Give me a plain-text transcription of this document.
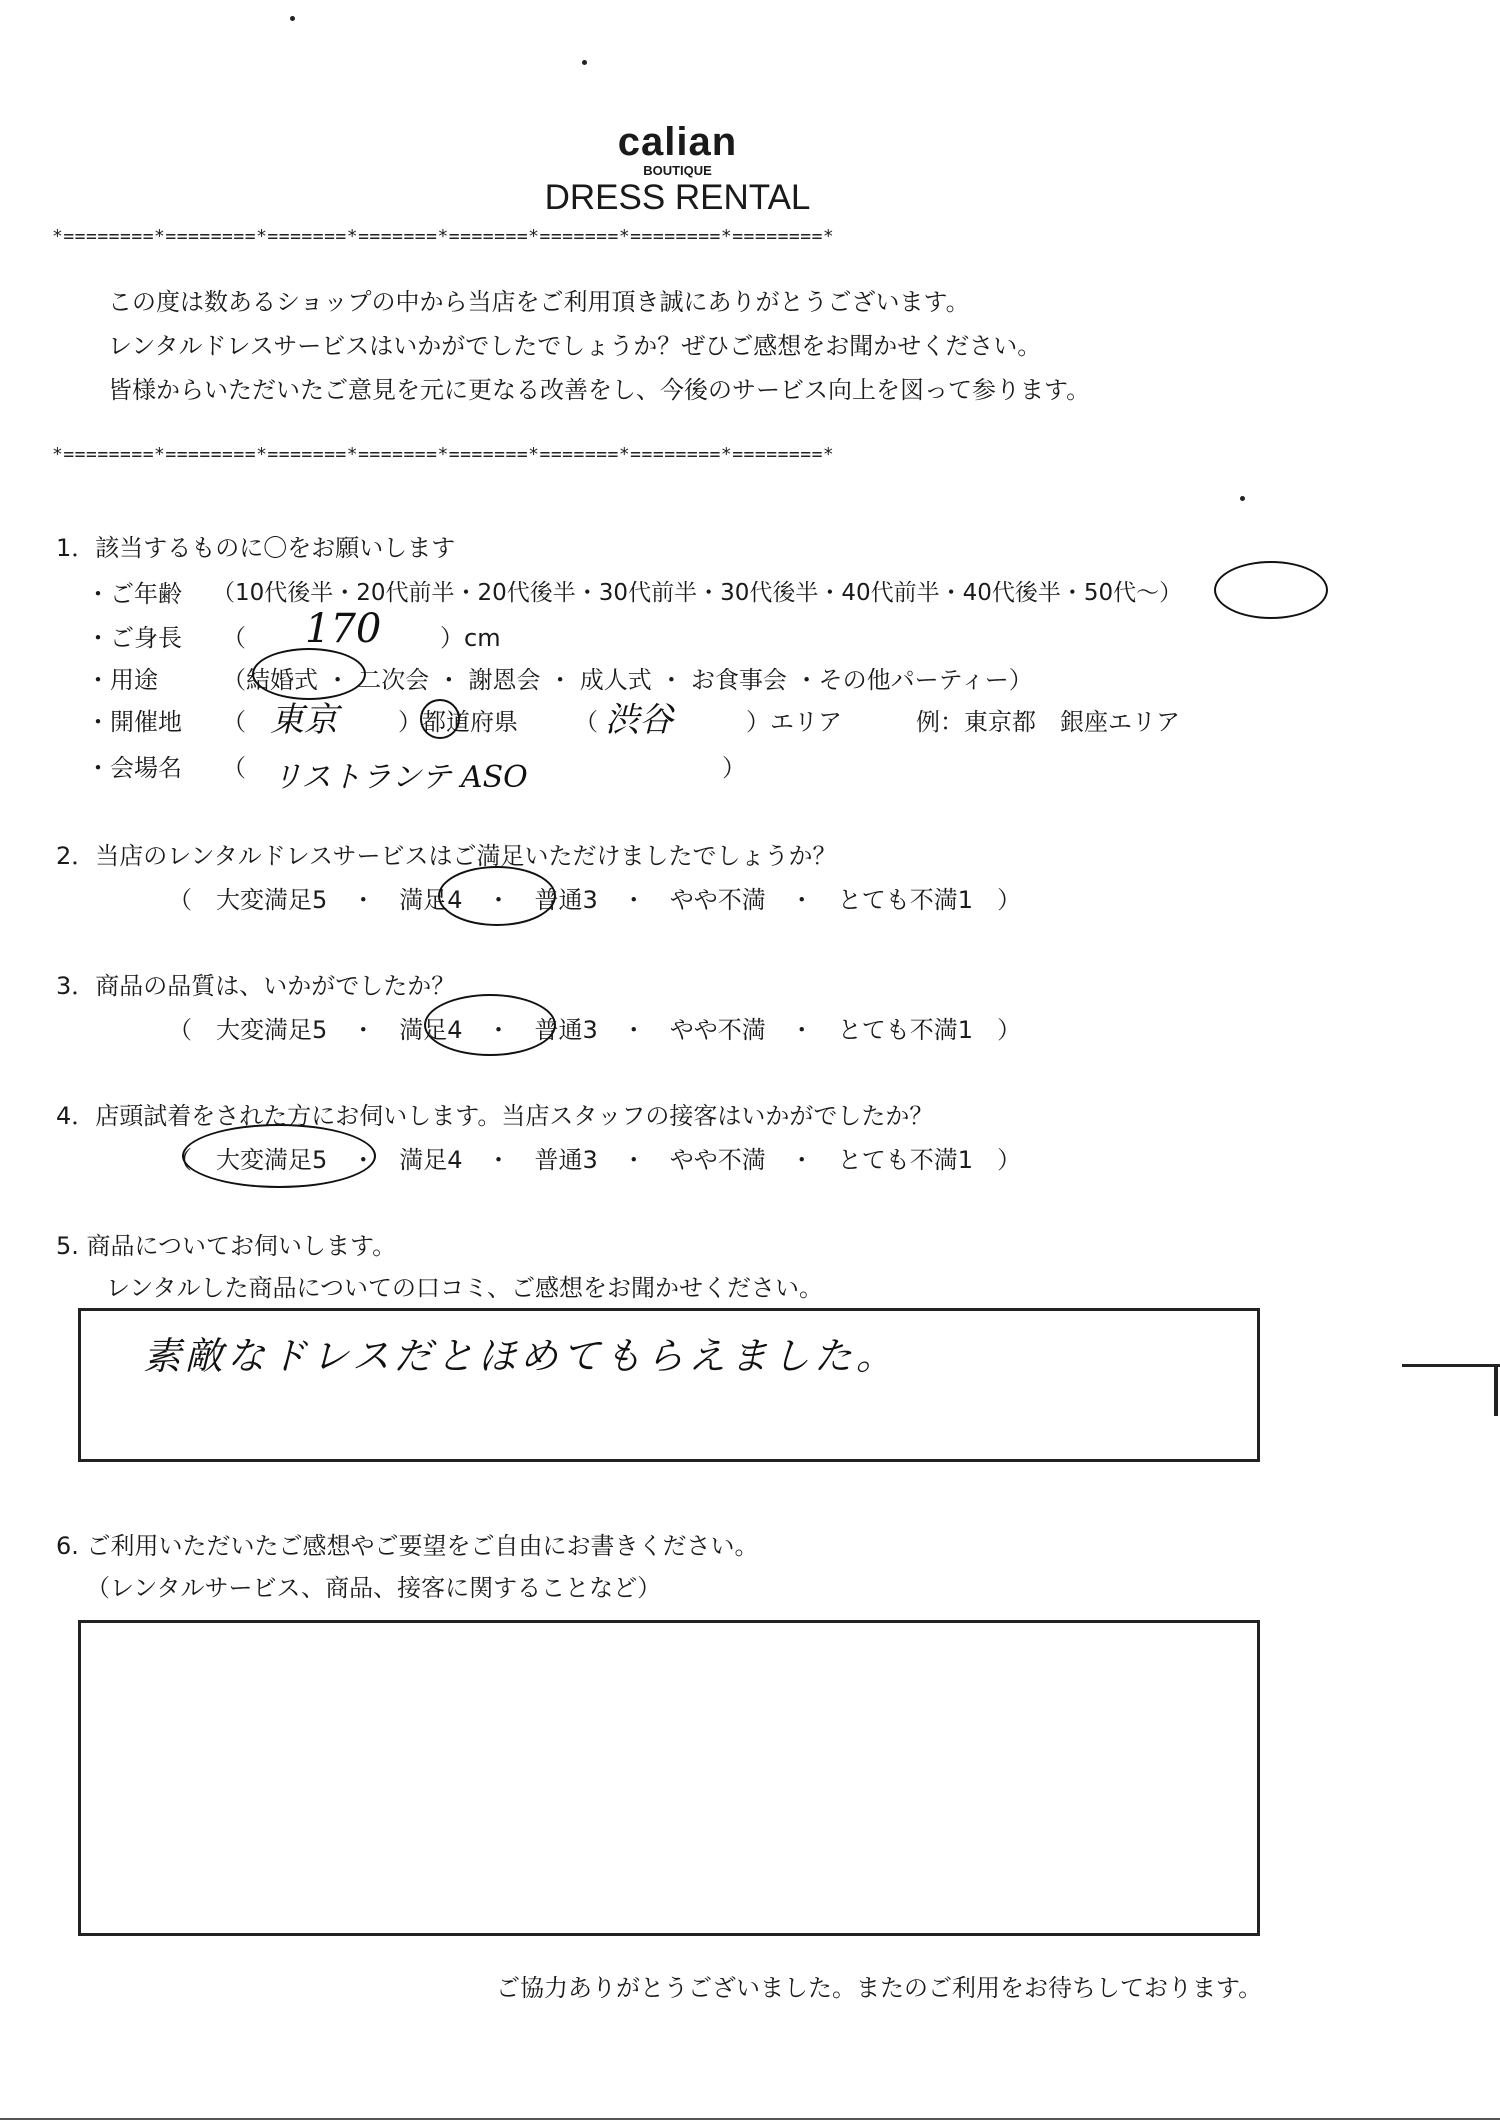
calian
BOUTIQUE
DRESS RENTAL
*========*========*=======*=======*=======*=======*========*========*
この度は数あるショップの中から当店をご利用頂き誠にありがとうございます。
レンタルドレスサービスはいかがでしたでしょうか？ぜひご感想をお聞かせください。
皆様からいただいたご意見を元に更なる改善をし、今後のサービス向上を図って参ります。
*========*========*=======*=======*=======*=======*========*========*
1．該当するものに〇をお願いします
・ご年齢 （10代後半・20代前半・20代後半・30代前半・30代後半・40代前半・40代後半・50代～）
・ご身長 （ 170 ）cm
・用途	（結婚式 ・ 二次会 ・ 謝恩会 ・ 成人式 ・ お食事会 ・その他パーティー）
・開催地 （ 東京	）都道府県 （ 渋谷	）エリア	例：東京都　銀座エリア
・会場名 （ リストランテ ASO	）
2．当店のレンタルドレスサービスはご満足いただけましたでしょうか？
（　大変満足5　・　満足4　・　普通3　・　やや不満　・　とても不満1　）
3．商品の品質は、いかがでしたか？
（　大変満足5　・　満足4　・　普通3　・　やや不満　・　とても不満1　）
4．店頭試着をされた方にお伺いします。当店スタッフの接客はいかがでしたか？
（　大変満足5　・　満足4　・　普通3　・　やや不満　・　とても不満1　）
5. 商品についてお伺いします。
レンタルした商品についての口コミ、ご感想をお聞かせください。
素敵なドレスだとほめてもらえました。
6. ご利用いただいたご感想やご要望をご自由にお書きください。
（レンタルサービス、商品、接客に関することなど）
ご協力ありがとうございました。またのご利用をお待ちしております。
